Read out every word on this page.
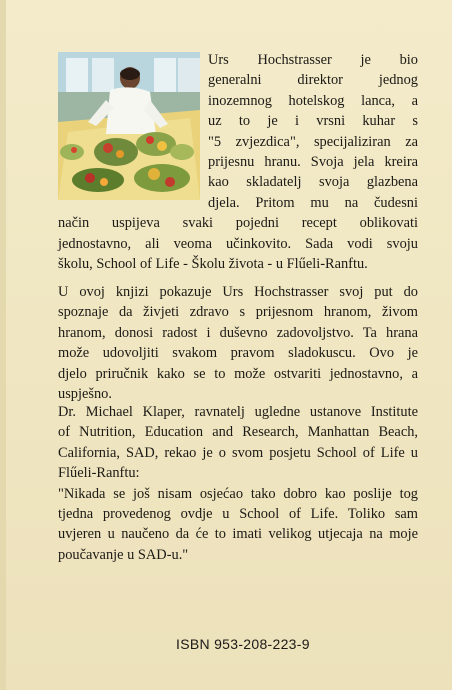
Urs Hochstrasser je bio
generalni direktor jednog
inozemnog hotelskog lanca, a
uz to je i vrsni kuhar s
"5 zvjezdica", specijaliziran za
prijesnu hranu. Svoja jela kreira
kao skladatelj svoja glazbena
djela. Pritom mu na čudesni
način uspijeva svaki pojedni recept oblikovati
jednostavno, ali veoma učinkovito. Sada vodi svoju
školu, School of Life - Školu života - u Flűeli-Ranftu.
U ovoj knjizi pokazuje Urs Hochstrasser svoj put do
spoznaje da živjeti zdravo s prijesnom hranom, živom
hranom, donosi radost i duševno zadovoljstvo. Ta hrana
može udovoljiti svakom pravom sladokuscu. Ovo je
djelo priručnik kako se to može ostvariti jednostavno, a
uspješno.
Dr. Michael Klaper, ravnatelj ugledne ustanove Institute
of Nutrition, Education and Research, Manhattan Beach,
California, SAD, rekao je o svom posjetu School of Life u
Flűeli-Ranftu:
"Nikada se još nisam osjećao tako dobro kao poslije tog
tjedna provedenog ovdje u School of Life. Toliko sam
uvjeren u naučeno da će to imati velikog utjecaja na moje
poučavanje u SAD-u."
ISBN 953-208-223-9
